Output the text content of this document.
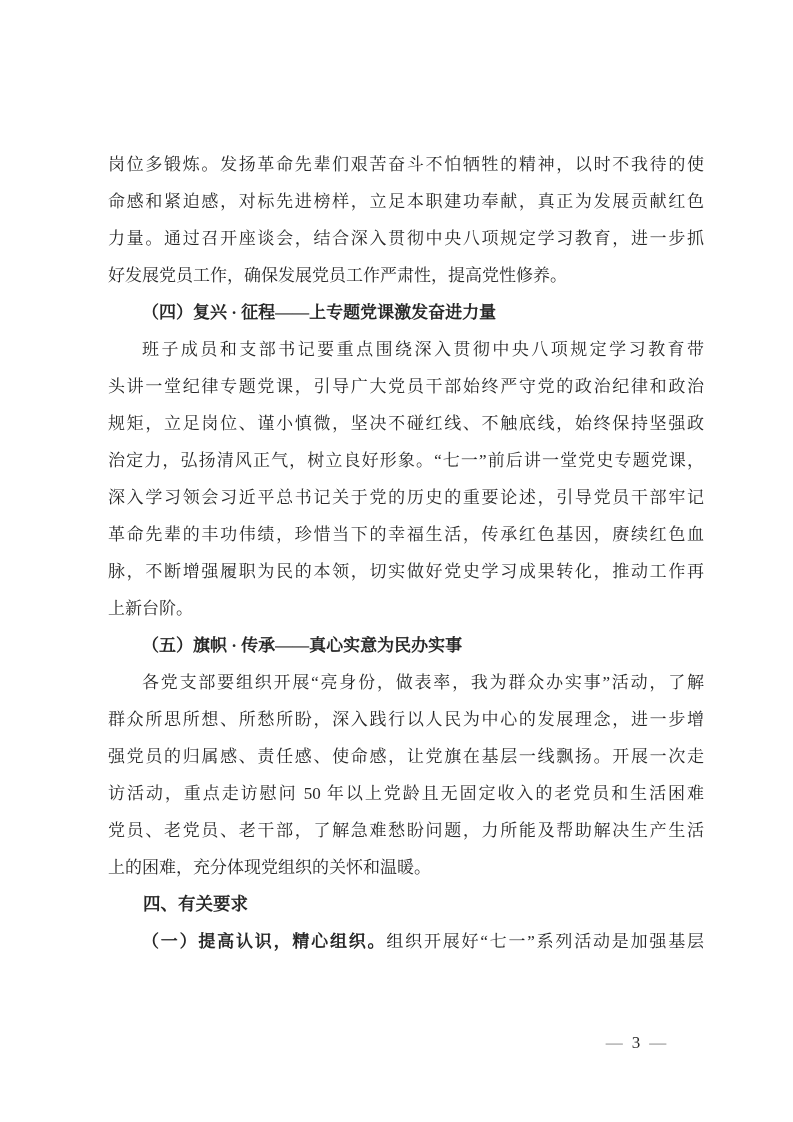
岗位多锻炼。发扬革命先辈们艰苦奋斗不怕牺牲的精神，以时不我待的使
命感和紧迫感，对标先进榜样，立足本职建功奉献，真正为发展贡献红色
力量。通过召开座谈会，结合深入贯彻中央八项规定学习教育，进一步抓
好发展党员工作，确保发展党员工作严肃性，提高党性修养。
（四）复兴 · 征程——上专题党课激发奋进力量
班子成员和支部书记要重点围绕深入贯彻中央八项规定学习教育带
头讲一堂纪律专题党课，引导广大党员干部始终严守党的政治纪律和政治
规矩，立足岗位、谨小慎微，坚决不碰红线、不触底线，始终保持坚强政
治定力，弘扬清风正气，树立良好形象。“七一”前后讲一堂党史专题党课，
深入学习领会习近平总书记关于党的历史的重要论述，引导党员干部牢记
革命先辈的丰功伟绩，珍惜当下的幸福生活，传承红色基因，赓续红色血
脉，不断增强履职为民的本领，切实做好党史学习成果转化，推动工作再
上新台阶。
（五）旗帜 · 传承——真心实意为民办实事
各党支部要组织开展“亮身份，做表率，我为群众办实事”活动，了解
群众所思所想、所愁所盼，深入践行以人民为中心的发展理念，进一步增
强党员的归属感、责任感、使命感，让党旗在基层一线飘扬。开展一次走
访活动，重点走访慰问 50 年以上党龄且无固定收入的老党员和生活困难
党员、老党员、老干部，了解急难愁盼问题，力所能及帮助解决生产生活
上的困难，充分体现党组织的关怀和温暖。
四、有关要求
（一）提高认识，精心组织。组织开展好“七一”系列活动是加强基层
— 3 —
